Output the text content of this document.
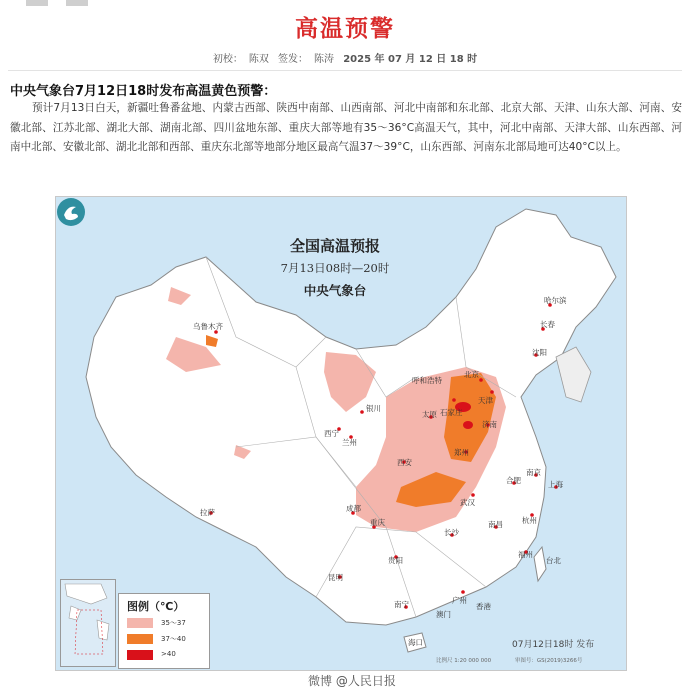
高温预警
初校： 陈双 签发： 陈涛 2025 年 07 月 12 日 18 时
中央气象台7月12日18时发布高温黄色预警：
预计7月13日白天，新疆吐鲁番盆地、内蒙古西部、陕西中南部、山西南部、河北中南部和东北部、北京大部、天津、山东大部、河南、安徽北部、江苏北部、湖北大部、湖南北部、四川盆地东部、重庆大部等地有35～36°C高温天气，其中，河北中南部、天津大部、山东西部、河南中北部、安徽北部、湖北北部和西部、重庆东北部等地部分地区最高气温37～39°C，山东西部、河南东北部局地可达40°C以上。
全国高温预报
7月13日08时—20时
中央气象台
哈尔滨
长春
沈阳
呼和浩特
北京
天津
石家庄
太原
济南
银川
西宁
兰州
郑州
西安
乌鲁木齐
合肥
南京
上海
武汉
杭州
成都
重庆
长沙
南昌
福州
台北
拉萨
贵阳
昆明
广州
香港
澳门
南宁
海口
图例（℃）
35～37
37～40
>40
07月12日18时 发布
比例尺 1:20 000 000	审图号：GS(2019)3266号
微博 @人民日报
